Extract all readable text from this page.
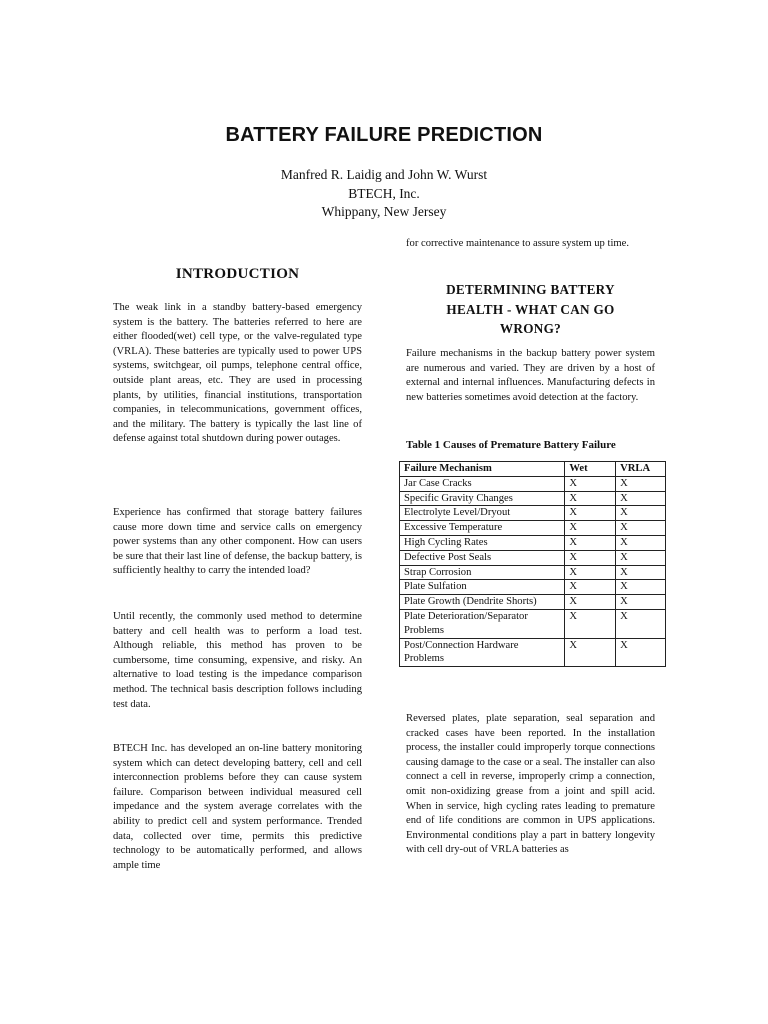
BATTERY FAILURE PREDICTION
Manfred R. Laidig and John W. Wurst
BTECH, Inc.
Whippany, New Jersey
INTRODUCTION

The weak link in a standby battery-based emergency system is the battery. The batteries referred to here are either flooded(wet) cell type, or the valve-regulated type (VRLA). These batteries are typically used to power UPS systems, switchgear, oil pumps, telephone central office, outside plant areas, etc. They are used in processing plants, by utilities, financial institutions, transportation companies, in telecommunications, government offices, and the military. The battery is typically the last line of defense against total shutdown during power outages.

Experience has confirmed that storage battery failures cause more down time and service calls on emergency power systems than any other component. How can users be sure that their last line of defense, the backup battery, is sufficiently healthy to carry the intended load?

Until recently, the commonly used method to determine battery and cell health was to perform a load test. Although reliable, this method has proven to be cumbersome, time consuming, expensive, and risky. An alternative to load testing is the impedance comparison method. The technical basis description follows including test data.

BTECH Inc. has developed an on-line battery monitoring system which can detect developing battery, cell and cell interconnection problems before they can cause system failure. Comparison between individual measured cell impedance and the system average correlates with the ability to predict cell and system performance. Trended data, collected over time, permits this predictive technology to be automatically performed, and allows ample time

for corrective maintenance to assure system up time.

DETERMINING BATTERY
HEALTH - WHAT CAN GO
WRONG?

Failure mechanisms in the backup battery power system are numerous and varied. They are driven by a host of external and internal influences. Manufacturing defects in new batteries sometimes avoid detection at the factory.

Table 1 Causes of Premature Battery Failure

Failure Mechanism	Wet	VRLA
Jar Case Cracks	X	X
Specific Gravity Changes	X	X
Electrolyte Level/Dryout	X	X
Excessive Temperature	X	X
High Cycling Rates	X	X
Defective Post Seals	X	X
Strap Corrosion	X	X
Plate Sulfation	X	X
Plate Growth (Dendrite Shorts)	X	X
Plate Deterioration/Separator Problems	X	X
Post/Connection Hardware Problems	X	X

Reversed plates, plate separation, seal separation and cracked cases have been reported. In the installation process, the installer could improperly torque connections causing damage to the case or a seal. The installer can also connect a cell in reverse, improperly crimp a connection, omit non-oxidizing grease from a joint and spill acid. When in service, high cycling rates leading to premature end of life conditions are common in UPS applications. Environmental conditions play a part in battery longevity with cell dry-out of VRLA batteries as
